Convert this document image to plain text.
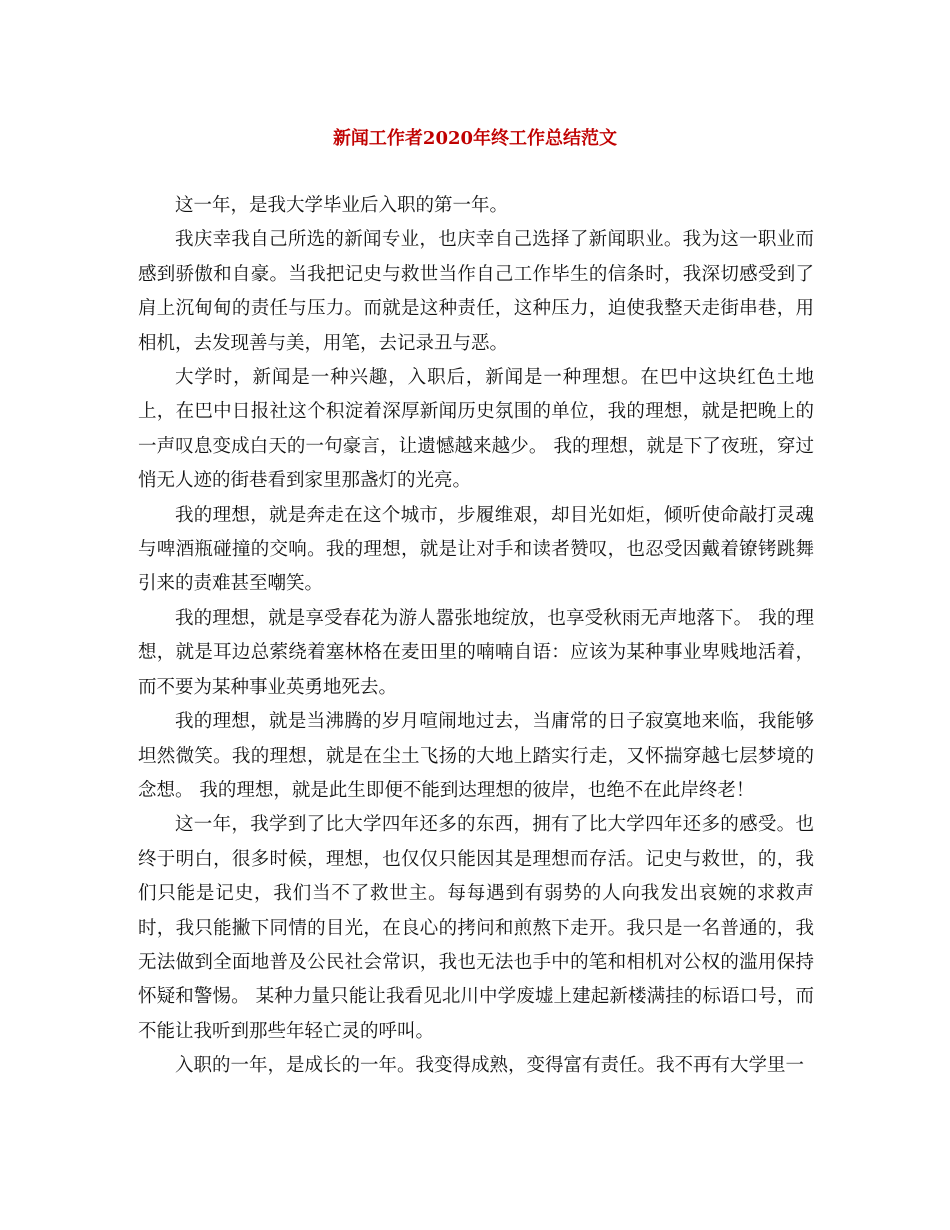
新闻工作者2020年终工作总结范文

这一年，是我大学毕业后入职的第一年。

我庆幸我自己所选的新闻专业，也庆幸自己选择了新闻职业。我为这一职业而感到骄傲和自豪。当我把记史与救世当作自己工作毕生的信条时，我深切感受到了肩上沉甸甸的责任与压力。而就是这种责任，这种压力，迫使我整天走街串巷，用相机，去发现善与美，用笔，去记录丑与恶。

大学时，新闻是一种兴趣，入职后，新闻是一种理想。在巴中这块红色土地上，在巴中日报社这个积淀着深厚新闻历史氛围的单位，我的理想，就是把晚上的一声叹息变成白天的一句豪言，让遗憾越来越少。 我的理想，就是下了夜班，穿过悄无人迹的街巷看到家里那盏灯的光亮。

我的理想，就是奔走在这个城市，步履维艰，却目光如炬，倾听使命敲打灵魂与啤酒瓶碰撞的交响。我的理想，就是让对手和读者赞叹，也忍受因戴着镣铐跳舞引来的责难甚至嘲笑。

我的理想，就是享受春花为游人嚣张地绽放，也享受秋雨无声地落下。 我的理想，就是耳边总萦绕着塞林格在麦田里的喃喃自语：应该为某种事业卑贱地活着，而不要为某种事业英勇地死去。

我的理想，就是当沸腾的岁月喧闹地过去，当庸常的日子寂寞地来临，我能够坦然微笑。我的理想，就是在尘土飞扬的大地上踏实行走，又怀揣穿越七层梦境的念想。 我的理想，就是此生即便不能到达理想的彼岸，也绝不在此岸终老！

这一年，我学到了比大学四年还多的东西，拥有了比大学四年还多的感受。也终于明白，很多时候，理想，也仅仅只能因其是理想而存活。记史与救世，的，我们只能是记史，我们当不了救世主。每每遇到有弱势的人向我发出哀婉的求救声时，我只能撇下同情的目光，在良心的拷问和煎熬下走开。我只是一名普通的，我无法做到全面地普及公民社会常识，我也无法也手中的笔和相机对公权的滥用保持怀疑和警惕。 某种力量只能让我看见北川中学废墟上建起新楼满挂的标语口号，而不能让我听到那些年轻亡灵的呼叫。

入职的一年，是成长的一年。我变得成熟，变得富有责任。我不再有大学里一
